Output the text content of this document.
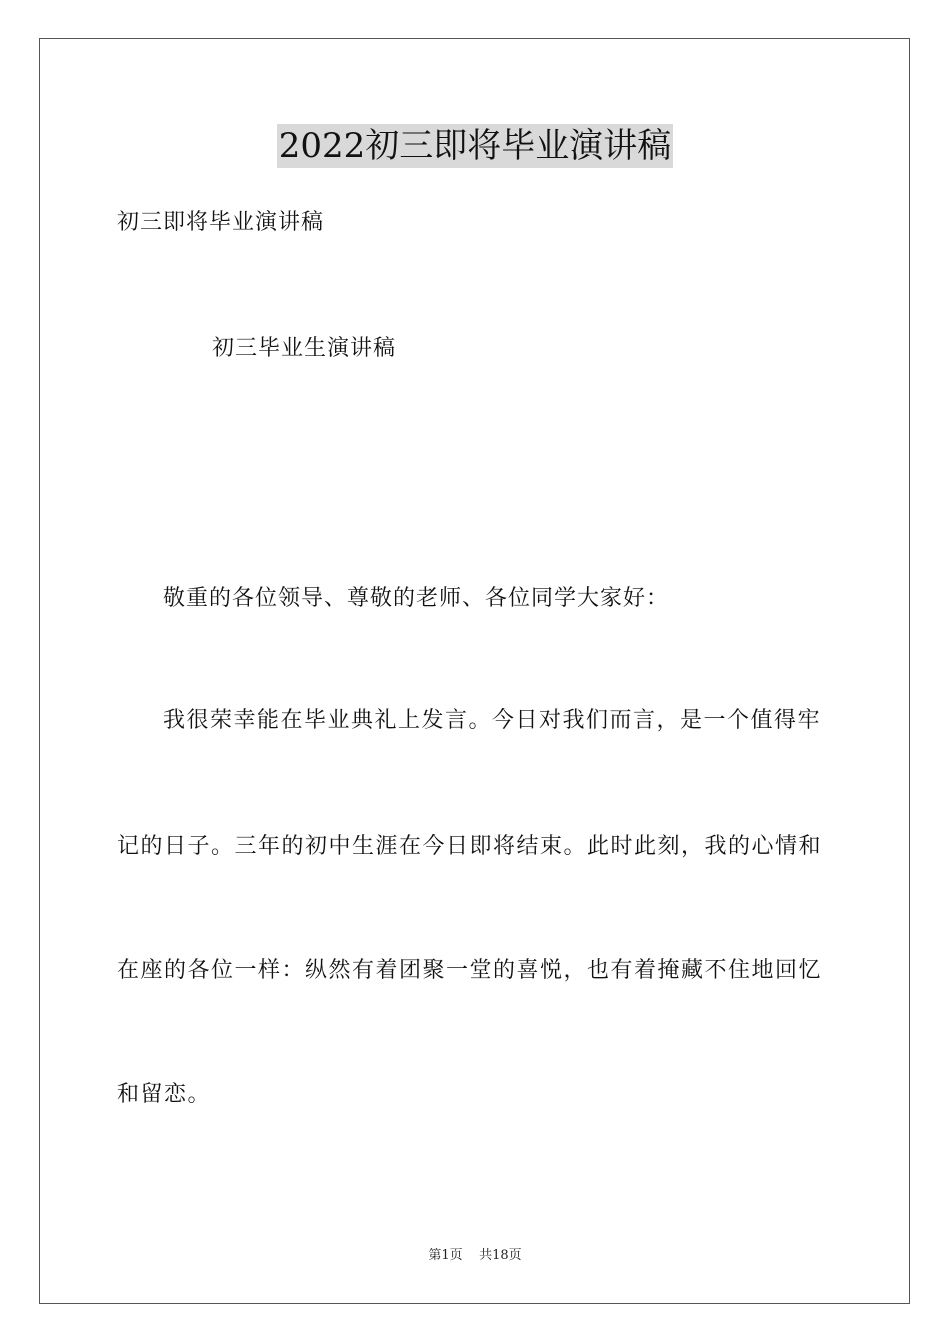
2022初三即将毕业演讲稿
初三即将毕业演讲稿
初三毕业生演讲稿
敬重的各位领导、尊敬的老师、各位同学大家好：
我很荣幸能在毕业典礼上发言。今日对我们而言，是一个值得牢
记的日子。三年的初中生涯在今日即将结束。此时此刻，我的心情和
在座的各位一样：纵然有着团聚一堂的喜悦，也有着掩藏不住地回忆
和留恋。
第1页 共18页
